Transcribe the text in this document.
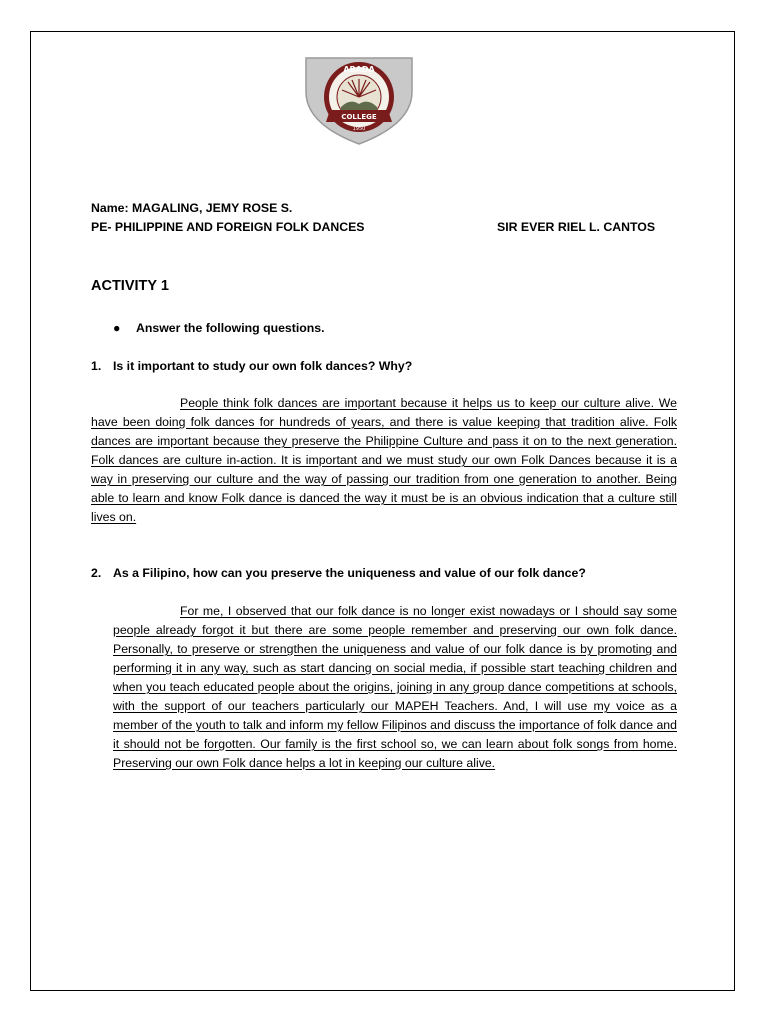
ABADA
COLLEGE
1950
Name: MAGALING, JEMY ROSE S.
PE- PHILIPPINE AND FOREIGN FOLK DANCES	SIR EVER RIEL L. CANTOS
ACTIVITY 1
● Answer the following questions.
1. Is it important to study our own folk dances? Why?
People think folk dances are important because it helps us to keep our culture alive. We have been doing folk dances for hundreds of years, and there is value keeping that tradition alive. Folk dances are important because they preserve the Philippine Culture and pass it on to the next generation. Folk dances are culture in-action. It is important and we must study our own Folk Dances because it is a way in preserving our culture and the way of passing our tradition from one generation to another. Being able to learn and know Folk dance is danced the way it must be is an obvious indication that a culture still lives on.
2. As a Filipino, how can you preserve the uniqueness and value of our folk dance?
For me, I observed that our folk dance is no longer exist nowadays or I should say some people already forgot it but there are some people remember and preserving our own folk dance. Personally, to preserve or strengthen the uniqueness and value of our folk dance is by promoting and performing it in any way, such as start dancing on social media, if possible start teaching children and when you teach educated people about the origins, joining in any group dance competitions at schools, with the support of our teachers particularly our MAPEH Teachers. And, I will use my voice as a member of the youth to talk and inform my fellow Filipinos and discuss the importance of folk dance and it should not be forgotten. Our family is the first school so, we can learn about folk songs from home. Preserving our own Folk dance helps a lot in keeping our culture alive.
